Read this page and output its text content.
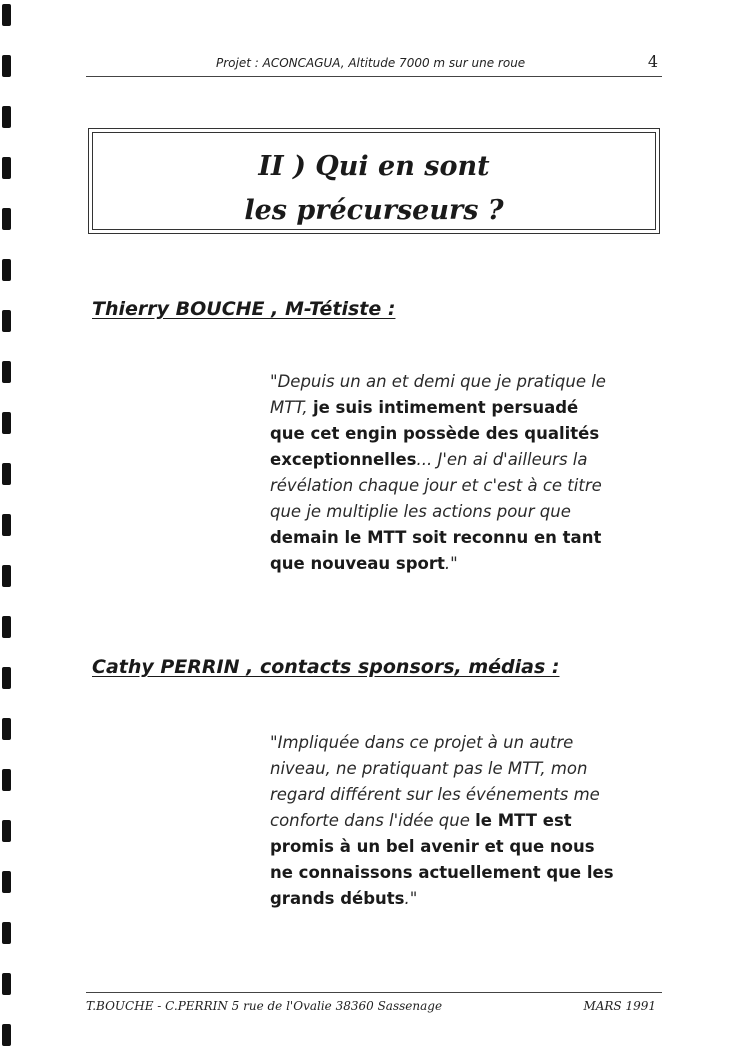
Projet : ACONCAGUA, Altitude 7000 m sur une roue	4
II ) Qui en sont
les précurseurs ?
Thierry BOUCHE , M-Tétiste :
"Depuis un an et demi que je pratique le
MTT, je suis intimement persuadé
que cet engin possède des qualités
exceptionnelles... J'en ai d'ailleurs la
révélation chaque jour et c'est à ce titre
que je multiplie les actions pour que
demain le MTT soit reconnu en tant
que nouveau sport."
Cathy PERRIN , contacts sponsors, médias :
"Impliquée dans ce projet à un autre
niveau, ne pratiquant pas le MTT, mon
regard différent sur les événements me
conforte dans l'idée que le MTT est
promis à un bel avenir et que nous
ne connaissons actuellement que les
grands débuts."
T.BOUCHE - C.PERRIN 5 rue de l'Ovalie 38360 Sassenage	MARS 1991
